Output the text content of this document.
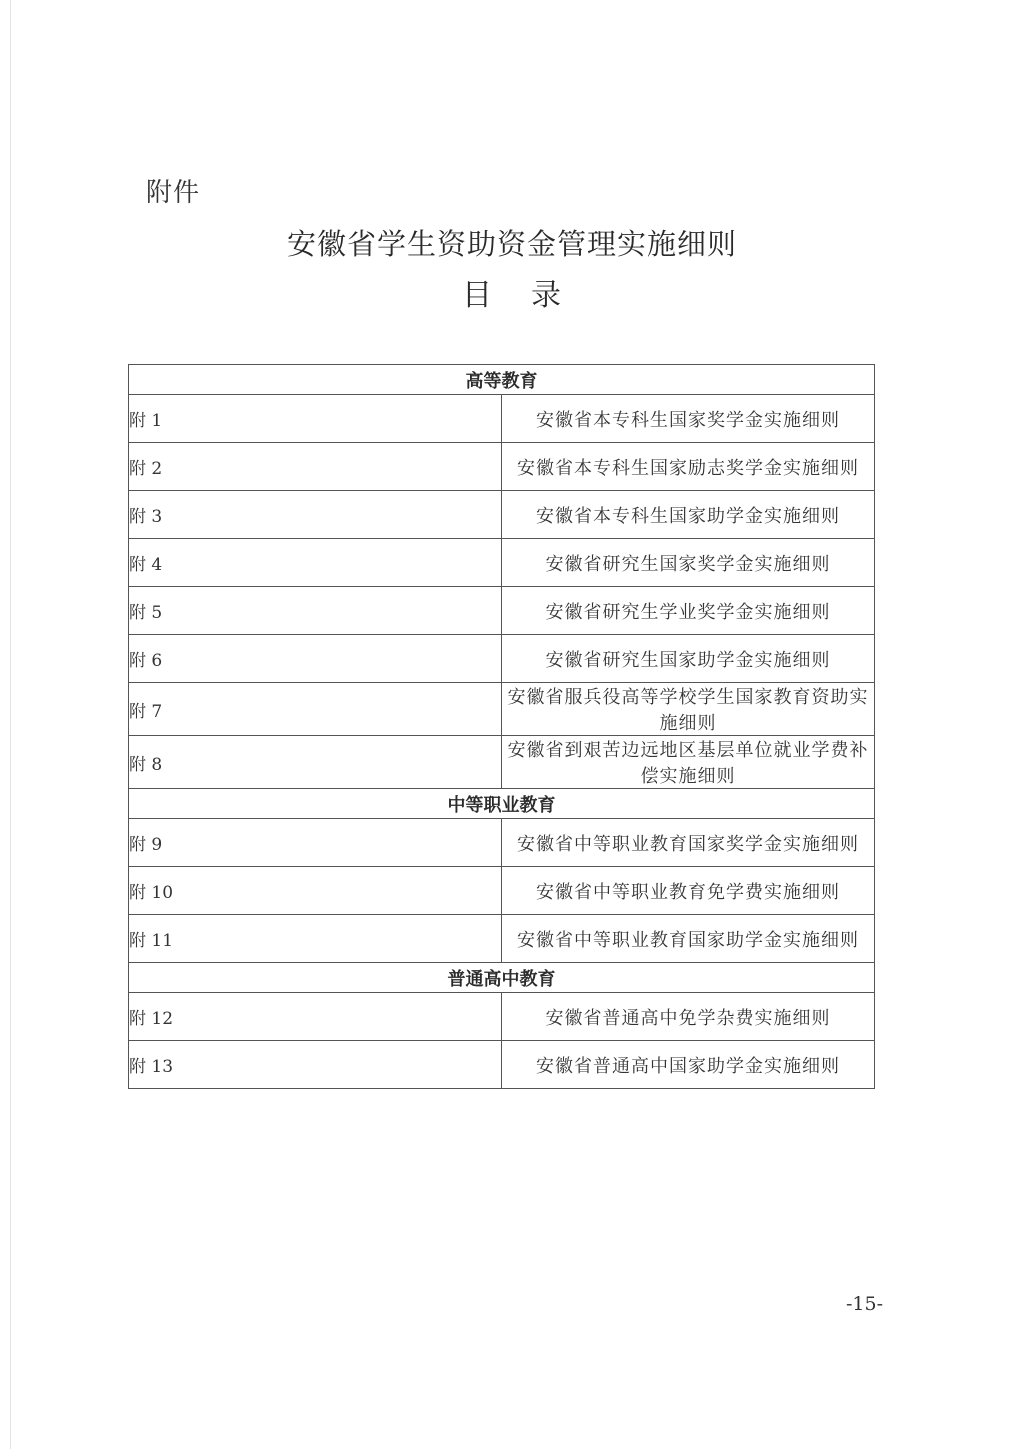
附件
安徽省学生资助资金管理实施细则
目 录
高等教育	
附 1	安徽省本专科生国家奖学金实施细则
附 2	安徽省本专科生国家励志奖学金实施细则
附 3	安徽省本专科生国家助学金实施细则
附 4	安徽省研究生国家奖学金实施细则
附 5	安徽省研究生学业奖学金实施细则
附 6	安徽省研究生国家助学金实施细则
附 7	安徽省服兵役高等学校学生国家教育资助实施细则
附 8	安徽省到艰苦边远地区基层单位就业学费补偿实施细则
中等职业教育	
附 9	安徽省中等职业教育国家奖学金实施细则
附 10	安徽省中等职业教育免学费实施细则
附 11	安徽省中等职业教育国家助学金实施细则
普通高中教育	
附 12	安徽省普通高中免学杂费实施细则
附 13	安徽省普通高中国家助学金实施细则
-15-
